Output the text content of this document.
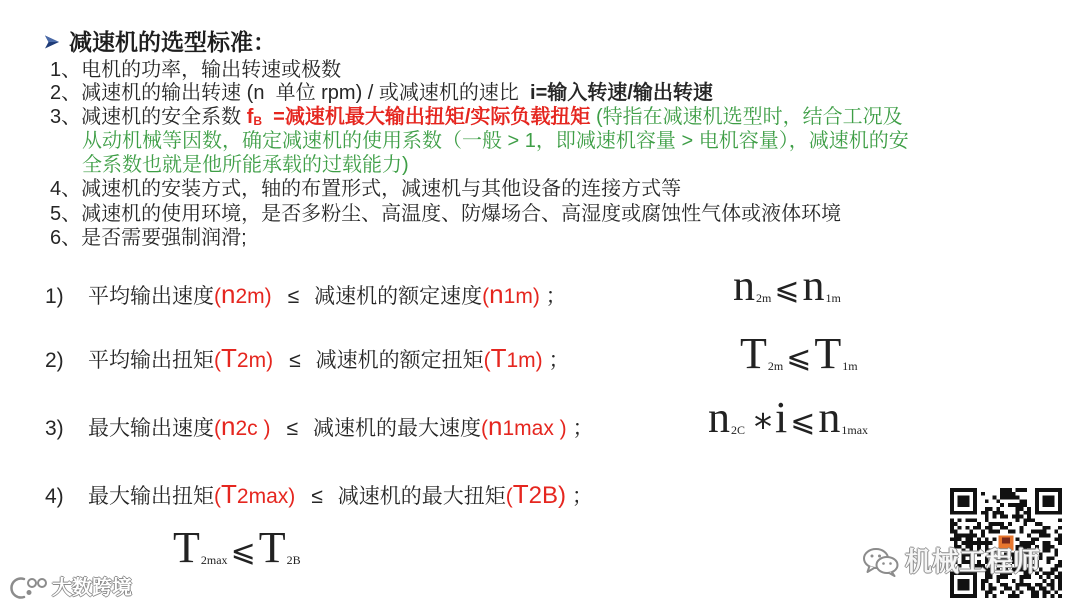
减速机的选型标准：
1、电机的功率，输出转速或极数
2、减速机的输出转速 (n  单位 rpm) / 或减速机的速比  i=输入转速/输出转速
3、减速机的安全系数 fB  =减速机最大输出扭矩/实际负载扭矩 (特指在减速机选型时，结合工况及
从动机械等因数，确定减速机的使用系数（一般 > 1，即减速机容量 > 电机容量），减速机的安
全系数也就是他所能承载的过载能力)
4、减速机的安装方式，轴的布置形式，减速机与其他设备的连接方式等
5、减速机的使用环境，是否多粉尘、高温度、防爆场合、高湿度或腐蚀性气体或液体环境
6、是否需要强制润滑;
1) 平均输出速度(n2m) ≤ 减速机的额定速度(n1m) ；
2) 平均输出扭矩(T2m) ≤ 减速机的额定扭矩(T1m) ；
3) 最大输出速度(n2c ) ≤ 减速机的最大速度(n1max ) ；
4) 最大输出扭矩(T2max) ≤ 减速机的最大扭矩(T2B) ；
n2m ⩽n1m
T2m ⩽T1m
n2C *i ⩽n1max
T2max ⩽T2B
大数跨境
机械工程师
